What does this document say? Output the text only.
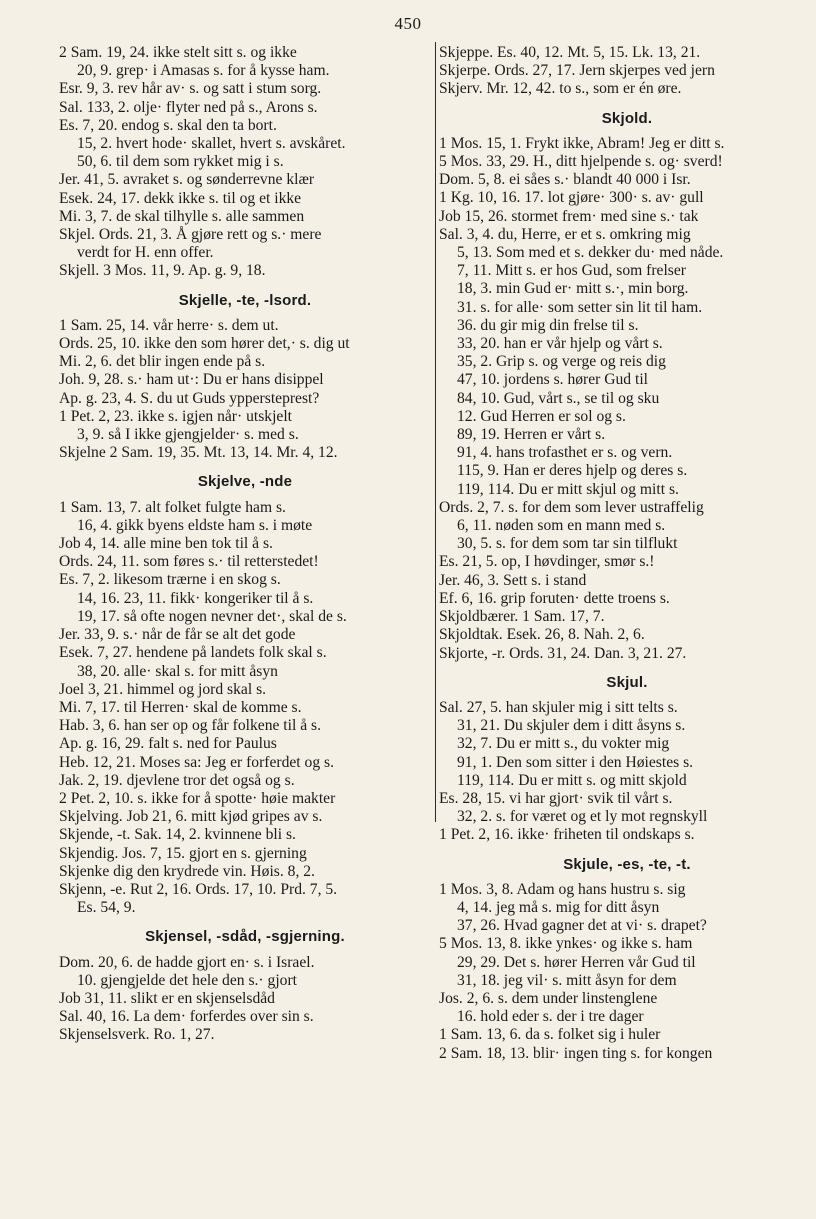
450
2 Sam. 19, 24. ikke stelt sitt s. og ikke
20, 9. grep· i Amasas s. for å kysse ham.
Esr. 9, 3. rev hår av· s. og satt i stum sorg.
Sal. 133, 2. olje· flyter ned på s., Arons s.
Es. 7, 20. endog s. skal den ta bort.
15, 2. hvert hode· skallet, hvert s. avskåret.
50, 6. til dem som rykket mig i s.
Jer. 41, 5. avraket s. og sønderrevne klær
Esek. 24, 17. dekk ikke s. til og et ikke
Mi. 3, 7. de skal tilhylle s. alle sammen
Skjel. Ords. 21, 3. Å gjøre rett og s.· mere
verdt for H. enn offer.
Skjell. 3 Mos. 11, 9. Ap. g. 9, 18.
Skjelle, -te, -lsord.
1 Sam. 25, 14. vår herre· s. dem ut.
Ords. 25, 10. ikke den som hører det,· s. dig ut
Mi. 2, 6. det blir ingen ende på s.
Joh. 9, 28. s.· ham ut·: Du er hans disippel
Ap. g. 23, 4. S. du ut Guds yppersteprest?
1 Pet. 2, 23. ikke s. igjen når· utskjelt
3, 9. så I ikke gjengjelder· s. med s.
Skjelne 2 Sam. 19, 35. Mt. 13, 14. Mr. 4, 12.
Skjelve, -nde
1 Sam. 13, 7. alt folket fulgte ham s.
16, 4. gikk byens eldste ham s. i møte
Job 4, 14. alle mine ben tok til å s.
Ords. 24, 11. som føres s.· til retterstedet!
Es. 7, 2. likesom trærne i en skog s.
14, 16. 23, 11. fikk· kongeriker til å s.
19, 17. så ofte nogen nevner det·, skal de s.
Jer. 33, 9. s.· når de får se alt det gode
Esek. 7, 27. hendene på landets folk skal s.
38, 20. alle· skal s. for mitt åsyn
Joel 3, 21. himmel og jord skal s.
Mi. 7, 17. til Herren· skal de komme s.
Hab. 3, 6. han ser op og får folkene til å s.
Ap. g. 16, 29. falt s. ned for Paulus
Heb. 12, 21. Moses sa: Jeg er forferdet og s.
Jak. 2, 19. djevlene tror det også og s.
2 Pet. 2, 10. s. ikke for å spotte· høie makter
Skjelving. Job 21, 6. mitt kjød gripes av s.
Skjende, -t. Sak. 14, 2. kvinnene bli s.
Skjendig. Jos. 7, 15. gjort en s. gjerning
Skjenke dig den krydrede vin. Høis. 8, 2.
Skjenn, -e. Rut 2, 16. Ords. 17, 10. Prd. 7, 5.
Es. 54, 9.
Skjensel, -sdåd, -sgjerning.
Dom. 20, 6. de hadde gjort en· s. i Israel.
10. gjengjelde det hele den s.· gjort
Job 31, 11. slikt er en skjenselsdåd
Sal. 40, 16. La dem· forferdes over sin s.
Skjenselsverk. Ro. 1, 27.
Skjeppe. Es. 40, 12. Mt. 5, 15. Lk. 13, 21.
Skjerpe. Ords. 27, 17. Jern skjerpes ved jern
Skjerv. Mr. 12, 42. to s., som er én øre.
Skjold.
1 Mos. 15, 1. Frykt ikke, Abram! Jeg er ditt s.
5 Mos. 33, 29. H., ditt hjelpende s. og· sverd!
Dom. 5, 8. ei såes s.· blandt 40 000 i Isr.
1 Kg. 10, 16. 17. lot gjøre· 300· s. av· gull
Job 15, 26. stormet frem· med sine s.· tak
Sal. 3, 4. du, Herre, er et s. omkring mig
5, 13. Som med et s. dekker du· med nåde.
7, 11. Mitt s. er hos Gud, som frelser
18, 3. min Gud er· mitt s.·, min borg.
31. s. for alle· som setter sin lit til ham.
36. du gir mig din frelse til s.
33, 20. han er vår hjelp og vårt s.
35, 2. Grip s. og verge og reis dig
47, 10. jordens s. hører Gud til
84, 10. Gud, vårt s., se til og sku
12. Gud Herren er sol og s.
89, 19. Herren er vårt s.
91, 4. hans trofasthet er s. og vern.
115, 9. Han er deres hjelp og deres s.
119, 114. Du er mitt skjul og mitt s.
Ords. 2, 7. s. for dem som lever ustraffelig
6, 11. nøden som en mann med s.
30, 5. s. for dem som tar sin tilflukt
Es. 21, 5. op, I høvdinger, smør s.!
Jer. 46, 3. Sett s. i stand
Ef. 6, 16. grip foruten· dette troens s.
Skjoldbærer. 1 Sam. 17, 7.
Skjoldtak. Esek. 26, 8. Nah. 2, 6.
Skjorte, -r. Ords. 31, 24. Dan. 3, 21. 27.
Skjul.
Sal. 27, 5. han skjuler mig i sitt telts s.
31, 21. Du skjuler dem i ditt åsyns s.
32, 7. Du er mitt s., du vokter mig
91, 1. Den som sitter i den Høiestes s.
119, 114. Du er mitt s. og mitt skjold
Es. 28, 15. vi har gjort· svik til vårt s.
32, 2. s. for været og et ly mot regnskyll
1 Pet. 2, 16. ikke· friheten til ondskaps s.
Skjule, -es, -te, -t.
1 Mos. 3, 8. Adam og hans hustru s. sig
4, 14. jeg må s. mig for ditt åsyn
37, 26. Hvad gagner det at vi· s. drapet?
5 Mos. 13, 8. ikke ynkes· og ikke s. ham
29, 29. Det s. hører Herren vår Gud til
31, 18. jeg vil· s. mitt åsyn for dem
Jos. 2, 6. s. dem under linstenglene
16. hold eder s. der i tre dager
1 Sam. 13, 6. da s. folket sig i huler
2 Sam. 18, 13. blir· ingen ting s. for kongen
